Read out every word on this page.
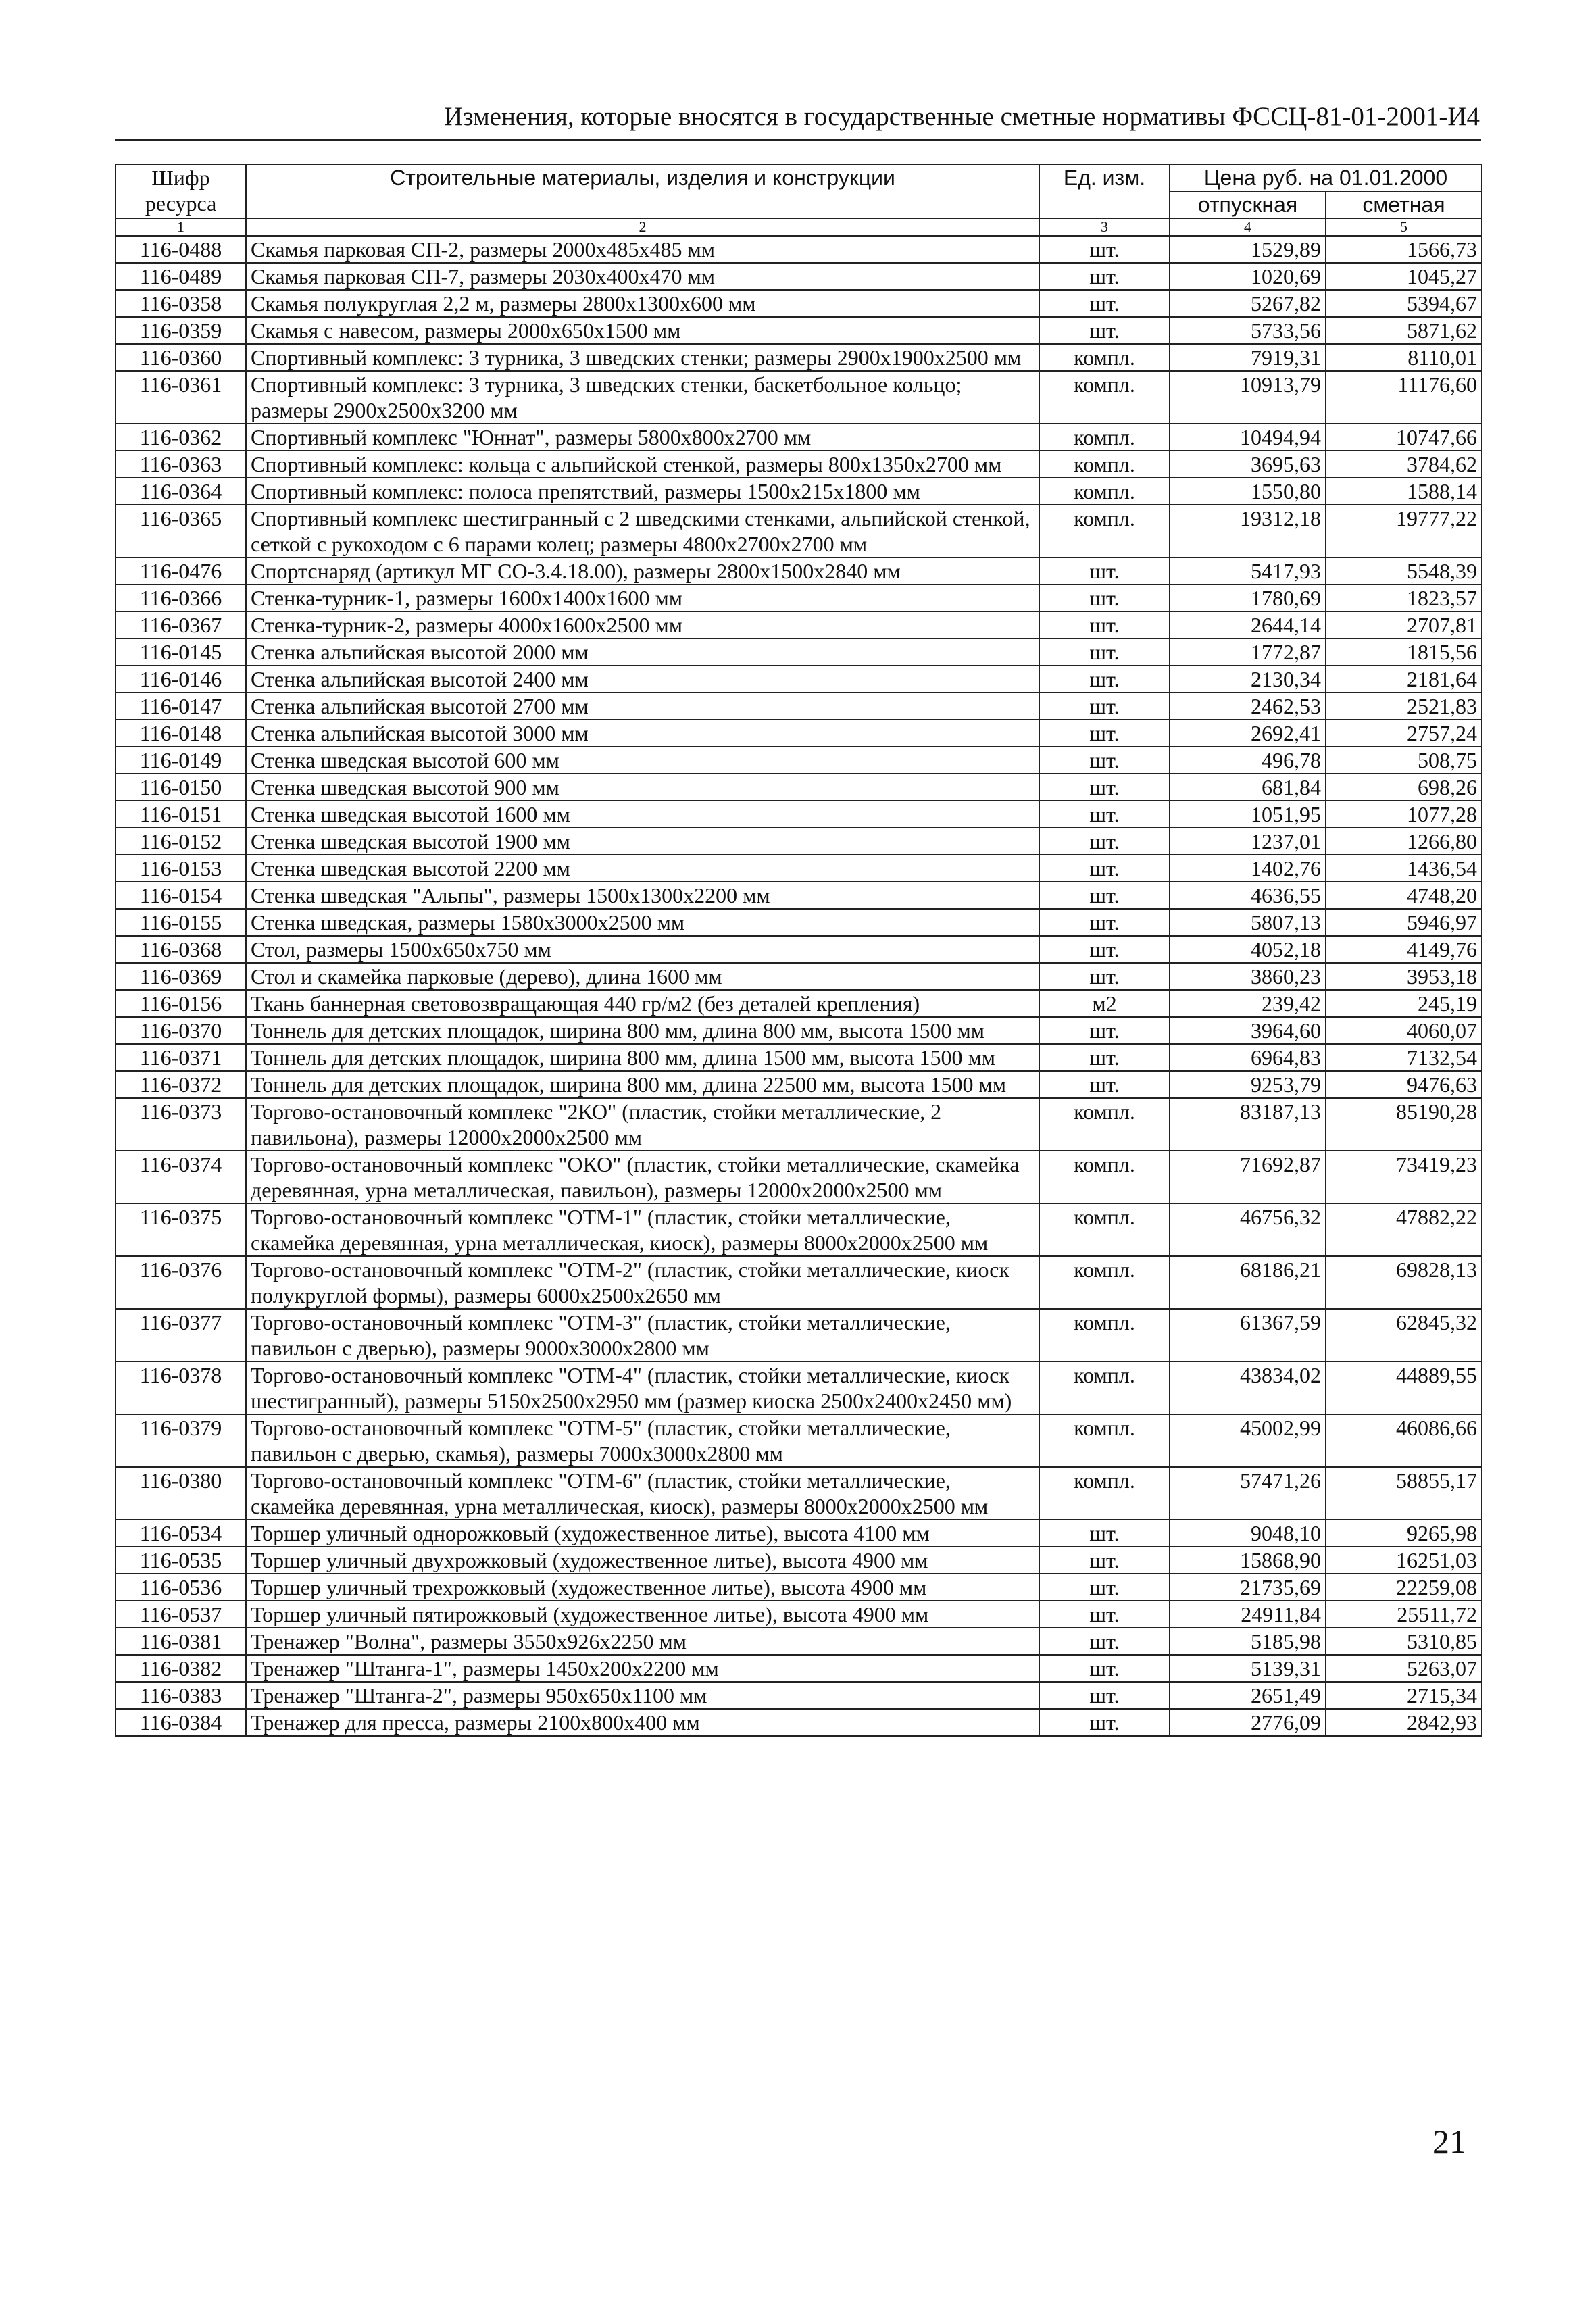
Изменения, которые вносятся в государственные сметные нормативы ФССЦ-81-01-2001-И4
Шифр ресурса	Строительные материалы, изделия и конструкции	Ед. изм.	Цена руб. на 01.01.2000	
			отпускная	сметная
1	2	3	4	5
116-0488	Скамья парковая СП-2, размеры 2000х485х485 мм	шт.	1529,89	1566,73
116-0489	Скамья парковая СП-7, размеры 2030х400х470 мм	шт.	1020,69	1045,27
116-0358	Скамья полукруглая 2,2 м, размеры 2800х1300х600 мм	шт.	5267,82	5394,67
116-0359	Скамья с навесом, размеры 2000х650х1500 мм	шт.	5733,56	5871,62
116-0360	Спортивный комплекс: 3 турника, 3 шведских стенки; размеры 2900х1900х2500 мм	компл.	7919,31	8110,01
116-0361	Спортивный комплекс: 3 турника, 3 шведских стенки, баскетбольное кольцо; размеры 2900х2500х3200 мм	компл.	10913,79	11176,60
116-0362	Спортивный комплекс "Юннат", размеры 5800х800х2700 мм	компл.	10494,94	10747,66
116-0363	Спортивный комплекс: кольца с альпийской стенкой, размеры 800х1350х2700 мм	компл.	3695,63	3784,62
116-0364	Спортивный комплекс: полоса препятствий, размеры 1500х215х1800 мм	компл.	1550,80	1588,14
116-0365	Спортивный комплекс шестигранный с 2 шведскими стенками, альпийской стенкой, сеткой с рукоходом с 6 парами колец; размеры 4800х2700х2700 мм	компл.	19312,18	19777,22
116-0476	Спортснаряд (артикул МГ СО-3.4.18.00), размеры 2800х1500х2840 мм	шт.	5417,93	5548,39
116-0366	Стенка-турник-1, размеры 1600х1400х1600 мм	шт.	1780,69	1823,57
116-0367	Стенка-турник-2, размеры 4000х1600х2500 мм	шт.	2644,14	2707,81
116-0145	Стенка альпийская высотой 2000 мм	шт.	1772,87	1815,56
116-0146	Стенка альпийская высотой 2400 мм	шт.	2130,34	2181,64
116-0147	Стенка альпийская высотой 2700 мм	шт.	2462,53	2521,83
116-0148	Стенка альпийская высотой 3000 мм	шт.	2692,41	2757,24
116-0149	Стенка шведская высотой 600 мм	шт.	496,78	508,75
116-0150	Стенка шведская высотой 900 мм	шт.	681,84	698,26
116-0151	Стенка шведская высотой 1600 мм	шт.	1051,95	1077,28
116-0152	Стенка шведская высотой 1900 мм	шт.	1237,01	1266,80
116-0153	Стенка шведская высотой 2200 мм	шт.	1402,76	1436,54
116-0154	Стенка шведская "Альпы", размеры 1500х1300х2200 мм	шт.	4636,55	4748,20
116-0155	Стенка шведская, размеры 1580х3000х2500 мм	шт.	5807,13	5946,97
116-0368	Стол, размеры 1500х650х750 мм	шт.	4052,18	4149,76
116-0369	Стол и скамейка парковые (дерево), длина 1600 мм	шт.	3860,23	3953,18
116-0156	Ткань баннерная световозвращающая 440 гр/м2 (без деталей крепления)	м2	239,42	245,19
116-0370	Тоннель для детских площадок, ширина 800 мм, длина 800 мм, высота 1500 мм	шт.	3964,60	4060,07
116-0371	Тоннель для детских площадок, ширина 800 мм, длина 1500 мм, высота 1500 мм	шт.	6964,83	7132,54
116-0372	Тоннель для детских площадок, ширина 800 мм, длина 22500 мм, высота 1500 мм	шт.	9253,79	9476,63
116-0373	Торгово-остановочный комплекс "2КО" (пластик, стойки металлические, 2 павильона), размеры 12000х2000х2500 мм	компл.	83187,13	85190,28
116-0374	Торгово-остановочный комплекс "ОКО" (пластик, стойки металлические, скамейка деревянная, урна металлическая, павильон), размеры 12000х2000х2500 мм	компл.	71692,87	73419,23
116-0375	Торгово-остановочный комплекс "ОТМ-1" (пластик, стойки металлические, скамейка деревянная, урна металлическая, киоск), размеры 8000х2000х2500 мм	компл.	46756,32	47882,22
116-0376	Торгово-остановочный комплекс "ОТМ-2" (пластик, стойки металлические, киоск полукруглой формы), размеры 6000х2500х2650 мм	компл.	68186,21	69828,13
116-0377	Торгово-остановочный комплекс "ОТМ-3" (пластик, стойки металлические, павильон с дверью), размеры 9000х3000х2800 мм	компл.	61367,59	62845,32
116-0378	Торгово-остановочный комплекс "ОТМ-4" (пластик, стойки металлические, киоск шестигранный), размеры 5150х2500х2950 мм (размер киоска 2500х2400х2450 мм)	компл.	43834,02	44889,55
116-0379	Торгово-остановочный комплекс "ОТМ-5" (пластик, стойки металлические, павильон с дверью, скамья), размеры 7000х3000х2800 мм	компл.	45002,99	46086,66
116-0380	Торгово-остановочный комплекс "ОТМ-6" (пластик, стойки металлические, скамейка деревянная, урна металлическая, киоск), размеры 8000х2000х2500 мм	компл.	57471,26	58855,17
116-0534	Торшер уличный однорожковый (художественное литье), высота 4100 мм	шт.	9048,10	9265,98
116-0535	Торшер уличный двухрожковый (художественное литье), высота 4900 мм	шт.	15868,90	16251,03
116-0536	Торшер уличный трехрожковый (художественное литье), высота 4900 мм	шт.	21735,69	22259,08
116-0537	Торшер уличный пятирожковый (художественное литье), высота 4900 мм	шт.	24911,84	25511,72
116-0381	Тренажер "Волна", размеры 3550х926х2250 мм	шт.	5185,98	5310,85
116-0382	Тренажер "Штанга-1", размеры 1450х200х2200 мм	шт.	5139,31	5263,07
116-0383	Тренажер "Штанга-2", размеры 950х650х1100 мм	шт.	2651,49	2715,34
116-0384	Тренажер для пресса, размеры 2100х800х400 мм	шт.	2776,09	2842,93
21
